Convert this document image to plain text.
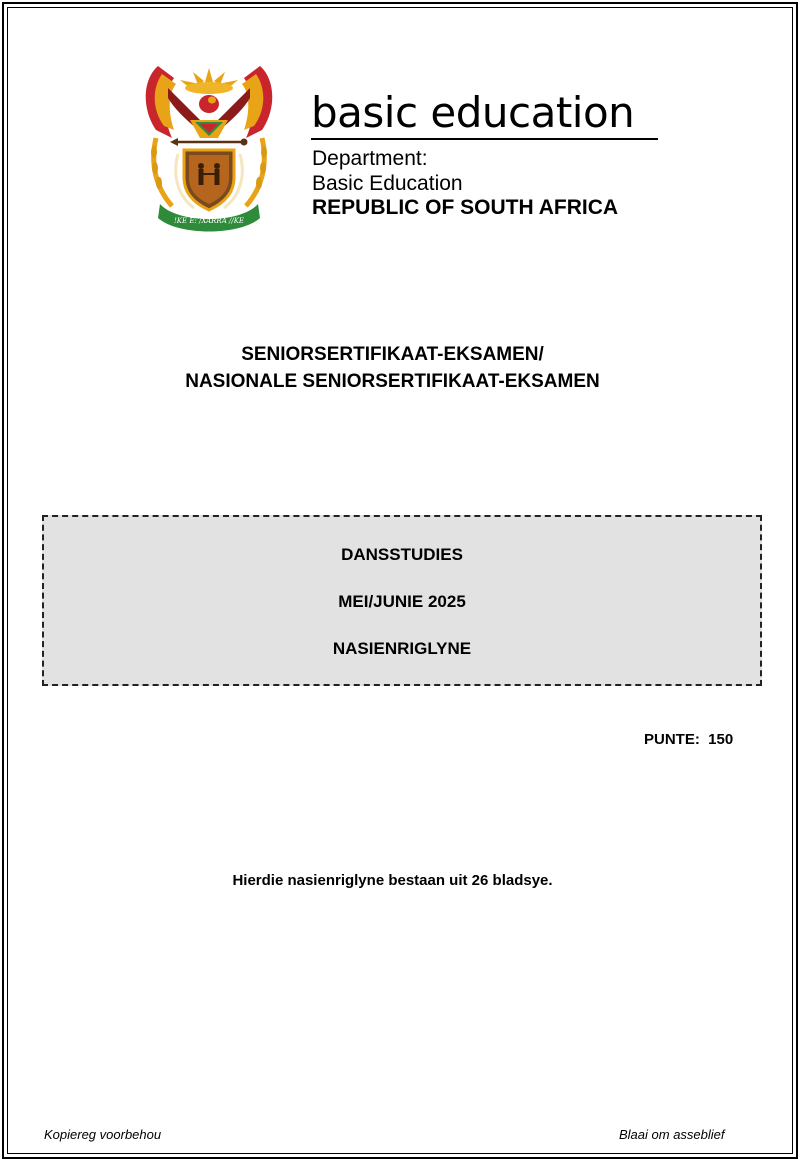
!KE E: /XARRA //KE
basic education
Department:
Basic Education
REPUBLIC OF SOUTH AFRICA
SENIORSERTIFIKAAT-EKSAMEN/
NASIONALE SENIORSERTIFIKAAT-EKSAMEN
DANSSTUDIES
MEI/JUNIE 2025
NASIENRIGLYNE
PUNTE:  150
Hierdie nasienriglyne bestaan uit 26 bladsye.
Kopiereg voorbehou	Blaai om asseblief
